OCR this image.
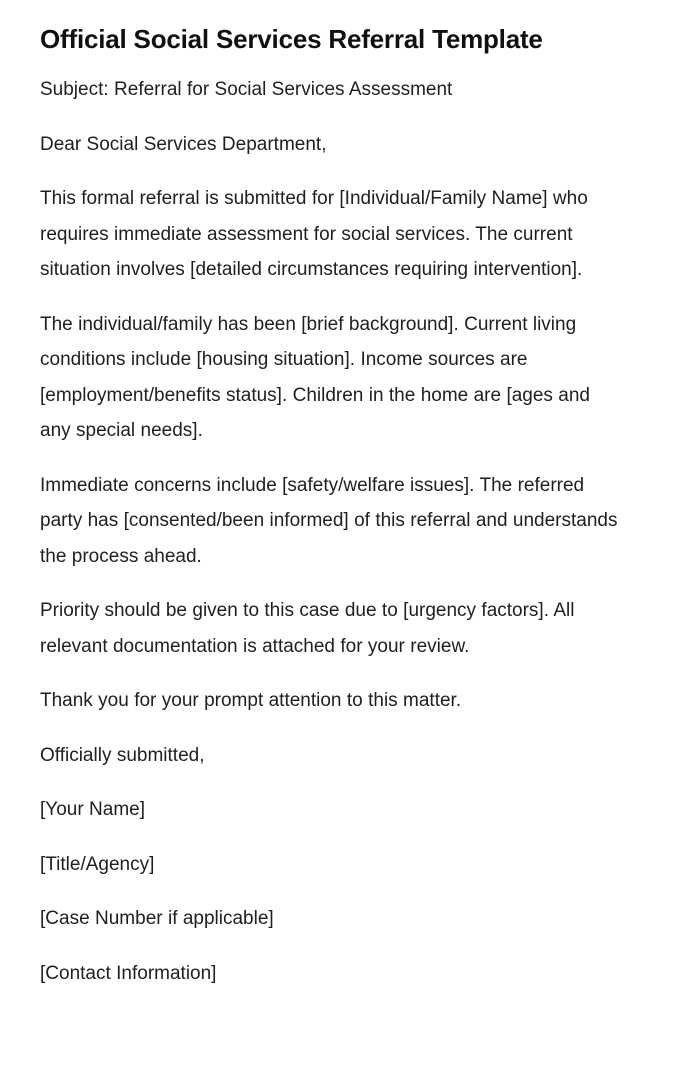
Official Social Services Referral Template

Subject: Referral for Social Services Assessment

Dear Social Services Department,

This formal referral is submitted for [Individual/Family Name] who requires immediate assessment for social services. The current situation involves [detailed circumstances requiring intervention].

The individual/family has been [brief background]. Current living conditions include [housing situation]. Income sources are [employment/benefits status]. Children in the home are [ages and any special needs].

Immediate concerns include [safety/welfare issues]. The referred party has [consented/been informed] of this referral and understands the process ahead.

Priority should be given to this case due to [urgency factors]. All relevant documentation is attached for your review.

Thank you for your prompt attention to this matter.

Officially submitted,

[Your Name]

[Title/Agency]

[Case Number if applicable]

[Contact Information]
